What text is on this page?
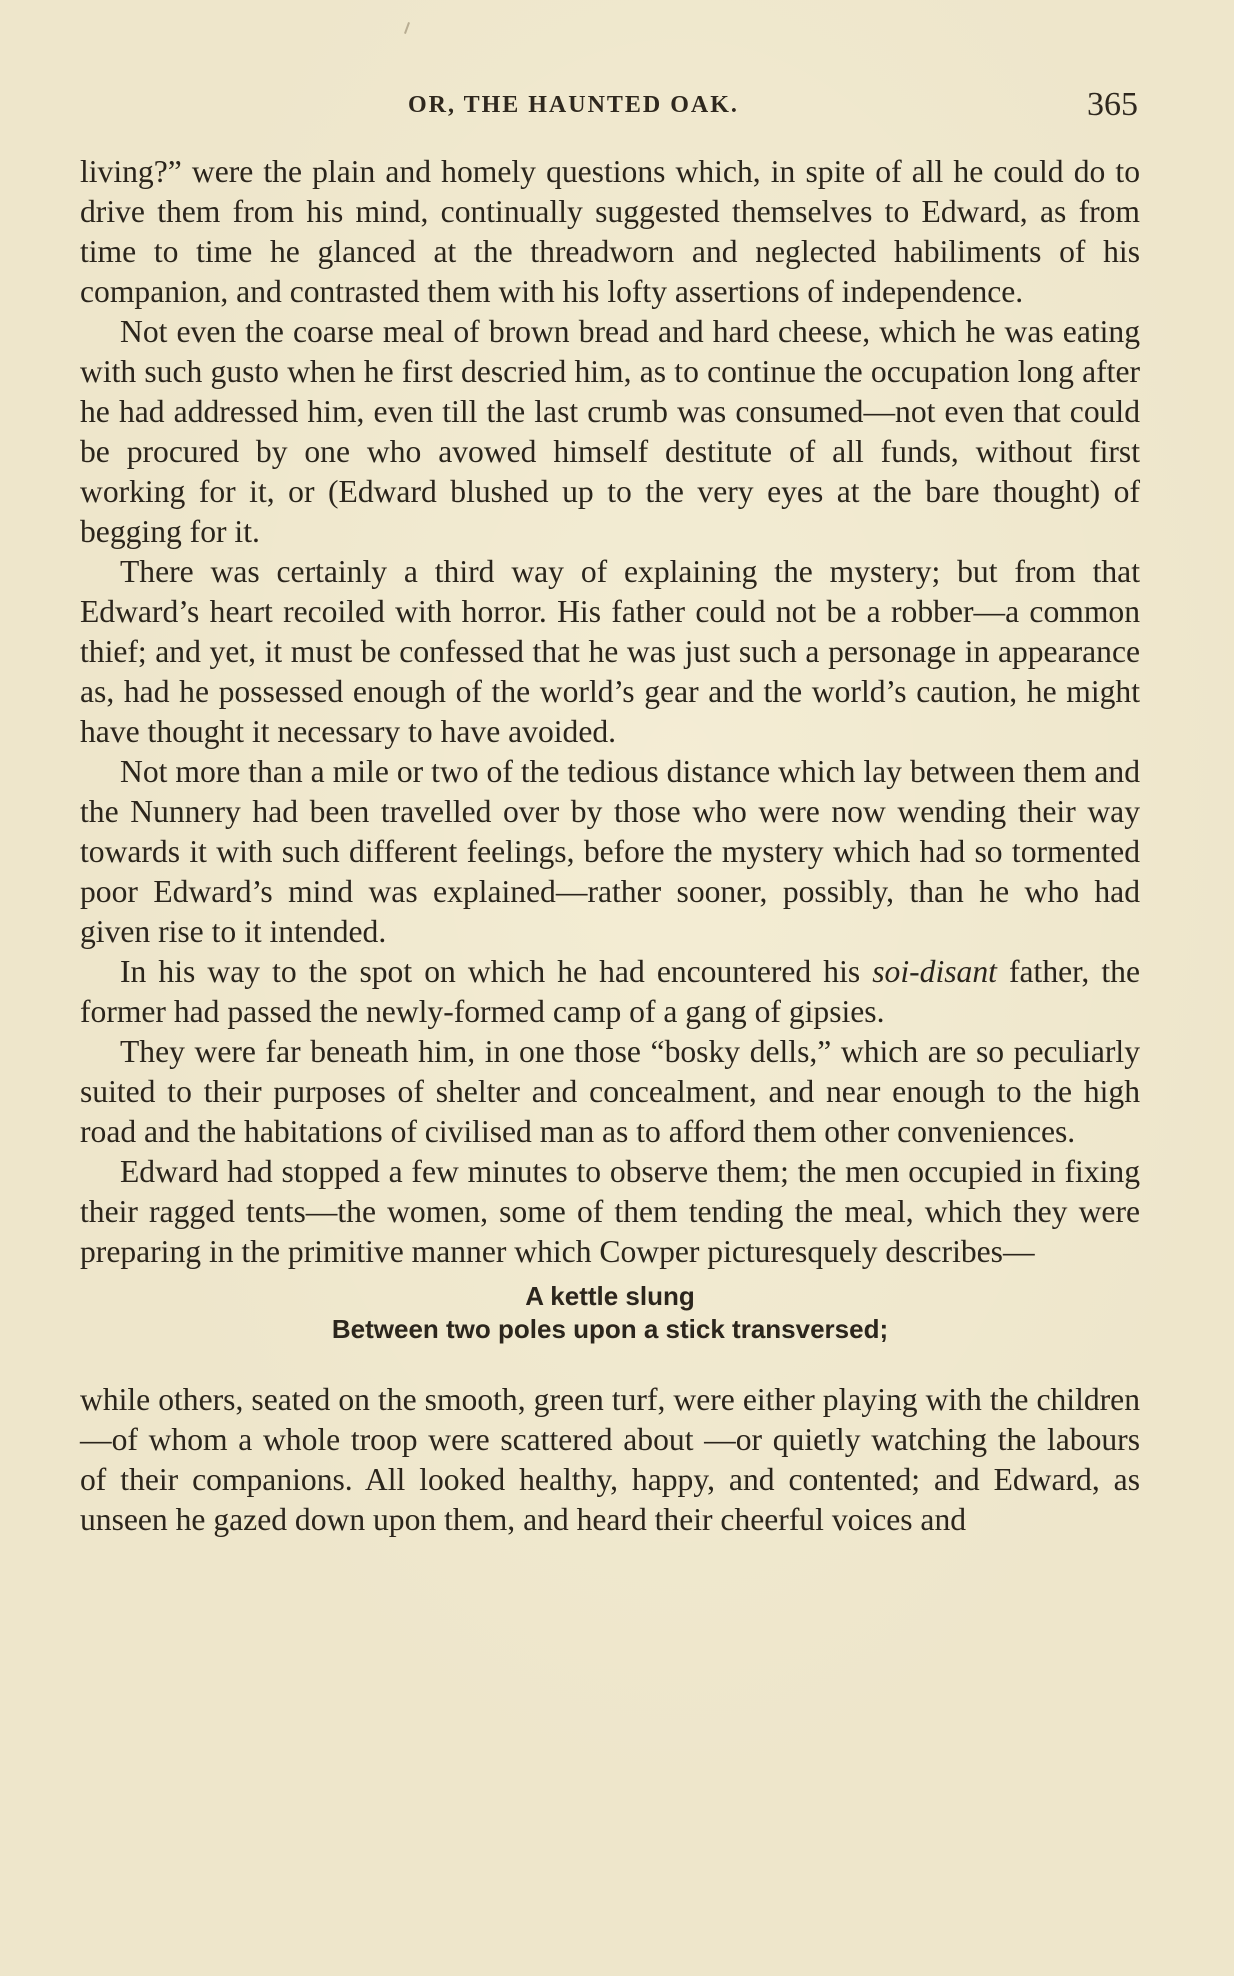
OR, THE HAUNTED OAK.	365

living?” were the plain and homely questions which, in spite of all he could do to drive them from his mind, continually suggested themselves to Edward, as from time to time he glanced at the threadworn and neglected habiliments of his companion, and contrasted them with his lofty assertions of independence.

Not even the coarse meal of brown bread and hard cheese, which he was eating with such gusto when he first descried him, as to continue the occupation long after he had addressed him, even till the last crumb was consumed—not even that could be procured by one who avowed himself destitute of all funds, without first working for it, or (Edward blushed up to the very eyes at the bare thought) of begging for it.

There was certainly a third way of explaining the mystery; but from that Edward’s heart recoiled with horror. His father could not be a robber—a common thief; and yet, it must be confessed that he was just such a personage in appearance as, had he possessed enough of the world’s gear and the world’s caution, he might have thought it necessary to have avoided.

Not more than a mile or two of the tedious distance which lay between them and the Nunnery had been travelled over by those who were now wending their way towards it with such different feelings, before the mystery which had so tormented poor Edward’s mind was explained—rather sooner, possibly, than he who had given rise to it intended.

In his way to the spot on which he had encountered his soi-disant father, the former had passed the newly-formed camp of a gang of gipsies.

They were far beneath him, in one those “bosky dells,” which are so peculiarly suited to their purposes of shelter and concealment, and near enough to the high road and the habitations of civilised man as to afford them other conveniences.

Edward had stopped a few minutes to observe them; the men occupied in fixing their ragged tents—the women, some of them tending the meal, which they were preparing in the primitive manner which Cowper picturesquely describes—

A kettle slung
Between two poles upon a stick transversed;

while others, seated on the smooth, green turf, were either playing with the children—of whom a whole troop were scattered about —or quietly watching the labours of their companions. All looked healthy, happy, and contented; and Edward, as unseen he gazed down upon them, and heard their cheerful voices and
